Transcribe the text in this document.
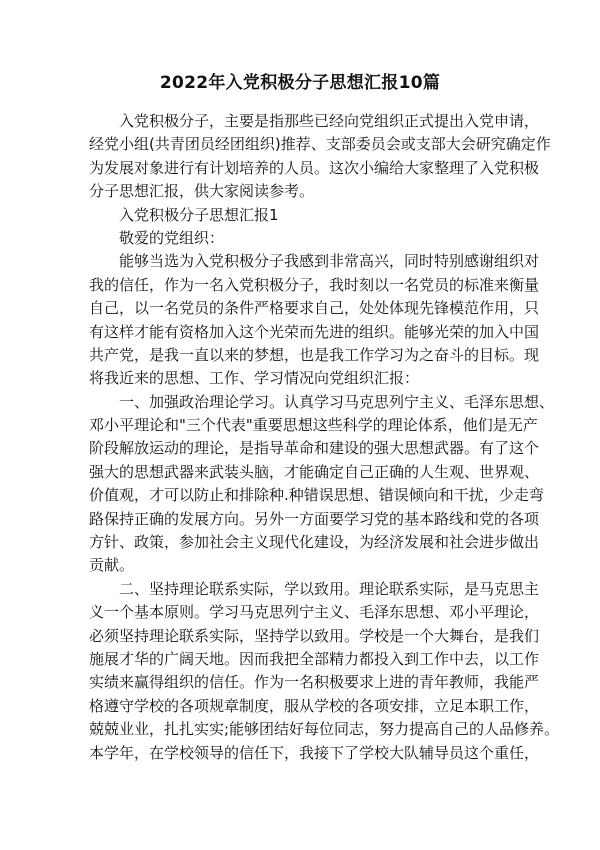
2022年入党积极分子思想汇报10篇
入党积极分子，主要是指那些已经向党组织正式提出入党申请，
经党小组(共青团员经团组织)推荐、支部委员会或支部大会研究确定作
为发展对象进行有计划培养的人员。这次小编给大家整理了入党积极
分子思想汇报，供大家阅读参考。
入党积极分子思想汇报1
敬爱的党组织：
能够当选为入党积极分子我感到非常高兴，同时特别感谢组织对
我的信任，作为一名入党积极分子，我时刻以一名党员的标准来衡量
自己，以一名党员的条件严格要求自己，处处体现先锋模范作用，只
有这样才能有资格加入这个光荣而先进的组织。能够光荣的加入中国
共产党，是我一直以来的梦想，也是我工作学习为之奋斗的目标。现
将我近来的思想、工作、学习情况向党组织汇报：
一、加强政治理论学习。认真学习马克思列宁主义、毛泽东思想、
邓小平理论和"三个代表"重要思想这些科学的理论体系，他们是无产
阶段解放运动的理论，是指导革命和建设的强大思想武器。有了这个
强大的思想武器来武装头脑，才能确定自己正确的人生观、世界观、
价值观，才可以防止和排除种.种错误思想、错误倾向和干扰，少走弯
路保持正确的发展方向。另外一方面要学习党的基本路线和党的各项
方针、政策，参加社会主义现代化建设，为经济发展和社会进步做出
贡献。
二、坚持理论联系实际，学以致用。理论联系实际，是马克思主
义一个基本原则。学习马克思列宁主义、毛泽东思想、邓小平理论，
必须坚持理论联系实际，坚持学以致用。学校是一个大舞台，是我们
施展才华的广阔天地。因而我把全部精力都投入到工作中去，以工作
实绩来赢得组织的信任。作为一名积极要求上进的青年教师，我能严
格遵守学校的各项规章制度，服从学校的各项安排，立足本职工作，
兢兢业业，扎扎实实;能够团结好每位同志，努力提高自己的人品修养。
本学年，在学校领导的信任下，我接下了学校大队辅导员这个重任，
